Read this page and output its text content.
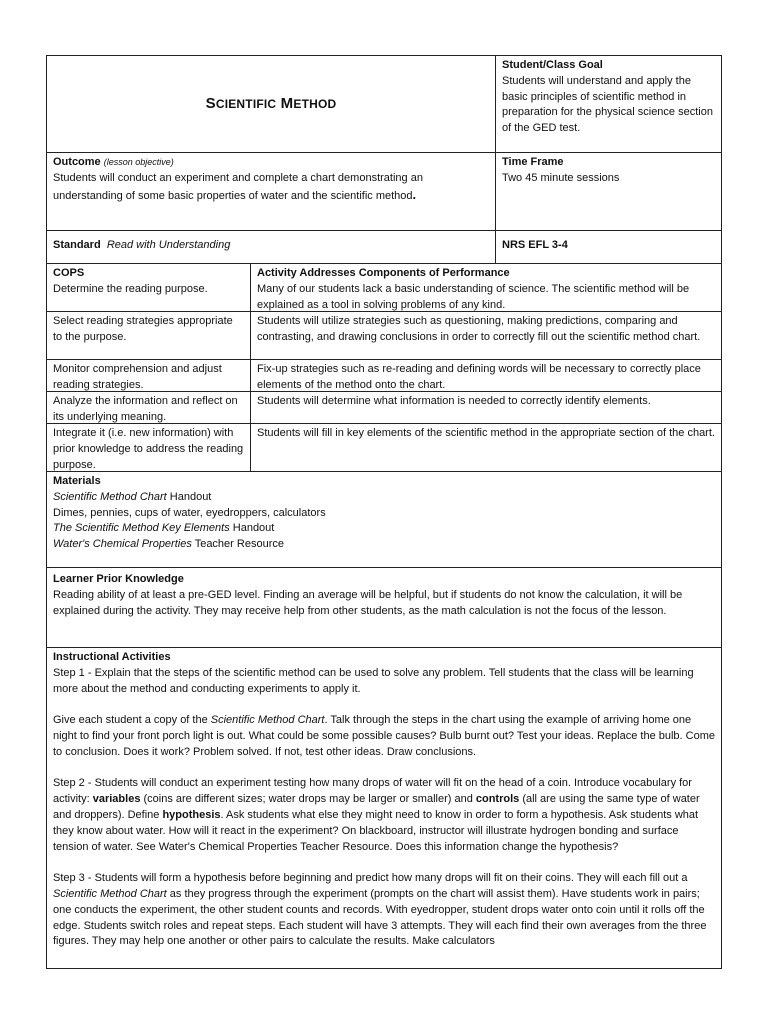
SCIENTIFIC METHOD

Student/Class Goal

Students will understand and apply the basic principles of scientific method in preparation for the physical science section of the GED test.

Outcome (lesson objective)

Students will conduct an experiment and complete a chart demonstrating an understanding of some basic properties of water and the scientific method.

Time Frame

Two 45 minute sessions

Standard Read with Understanding	NRS EFL 3-4

COPS

Determine the reading purpose.

Activity Addresses Components of Performance

Many of our students lack a basic understanding of science. The scientific method will be explained as a tool in solving problems of any kind.

Select reading strategies appropriate to the purpose.

Students will utilize strategies such as questioning, making predictions, comparing and contrasting, and drawing conclusions in order to correctly fill out the scientific method chart.

Monitor comprehension and adjust reading strategies.

Fix-up strategies such as re-reading and defining words will be necessary to correctly place elements of the method onto the chart.

Analyze the information and reflect on its underlying meaning.

Students will determine what information is needed to correctly identify elements.

Integrate it (i.e. new information) with prior knowledge to address the reading purpose.

Students will fill in key elements of the scientific method in the appropriate section of the chart.

Materials

Scientific Method Chart Handout

Dimes, pennies, cups of water, eyedroppers, calculators

The Scientific Method Key Elements Handout

Water's Chemical Properties Teacher Resource

Learner Prior Knowledge

Reading ability of at least a pre-GED level. Finding an average will be helpful, but if students do not know the calculation, it will be explained during the activity. They may receive help from other students, as the math calculation is not the focus of the lesson.

Instructional Activities

Step 1 - Explain that the steps of the scientific method can be used to solve any problem. Tell students that the class will be learning more about the method and conducting experiments to apply it.

Give each student a copy of the Scientific Method Chart. Talk through the steps in the chart using the example of arriving home one night to find your front porch light is out. What could be some possible causes? Bulb burnt out? Test your ideas. Replace the bulb. Come to conclusion. Does it work? Problem solved. If not, test other ideas. Draw conclusions.

Step 2 - Students will conduct an experiment testing how many drops of water will fit on the head of a coin. Introduce vocabulary for activity: variables (coins are different sizes; water drops may be larger or smaller) and controls (all are using the same type of water and droppers). Define hypothesis. Ask students what else they might need to know in order to form a hypothesis. Ask students what they know about water. How will it react in the experiment? On blackboard, instructor will illustrate hydrogen bonding and surface tension of water. See Water's Chemical Properties Teacher Resource. Does this information change the hypothesis?

Step 3 - Students will form a hypothesis before beginning and predict how many drops will fit on their coins. They will each fill out a Scientific Method Chart as they progress through the experiment (prompts on the chart will assist them). Have students work in pairs; one conducts the experiment, the other student counts and records. With eyedropper, student drops water onto coin until it rolls off the edge. Students switch roles and repeat steps. Each student will have 3 attempts. They will each find their own averages from the three figures. They may help one another or other pairs to calculate the results. Make calculators
